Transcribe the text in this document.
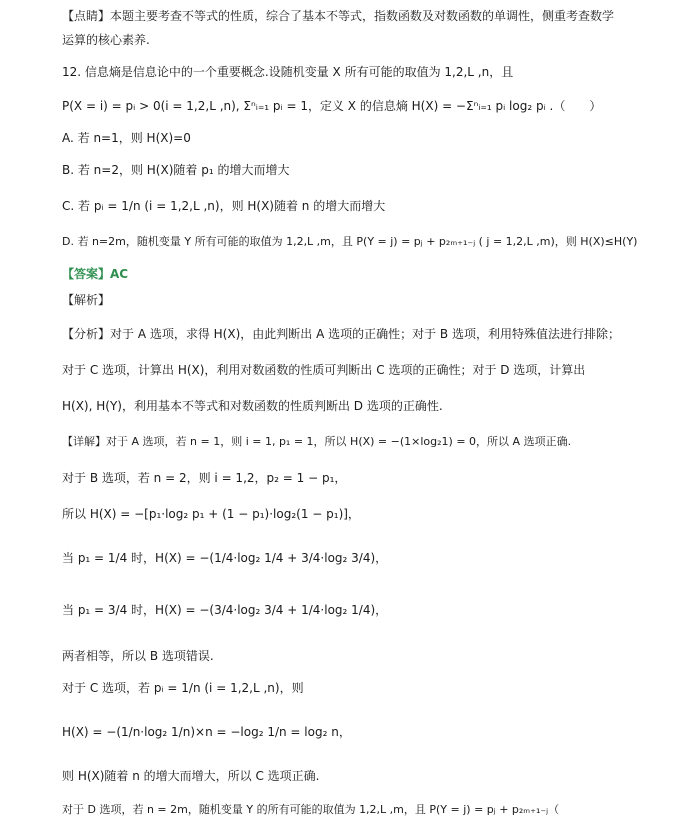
【点睛】本题主要考查不等式的性质，综合了基本不等式，指数函数及对数函数的单调性，侧重考查数学
运算的核心素养.
12. 信息熵是信息论中的一个重要概念.设随机变量 X 所有可能的取值为 1,2,L ,n，且
P(X = i) = pᵢ > 0(i = 1,2,L ,n), Σⁿᵢ₌₁ pᵢ = 1，定义 X 的信息熵 H(X) = −Σⁿᵢ₌₁ pᵢ log₂ pᵢ .（　　）
A. 若 n=1，则 H(X)=0
B. 若 n=2，则 H(X)随着 p₁ 的增大而增大
C. 若 pᵢ = 1/n (i = 1,2,L ,n)，则 H(X)随着 n 的增大而增大
D. 若 n=2m，随机变量 Y 所有可能的取值为 1,2,L ,m，且 P(Y = j) = pⱼ + p₂ₘ₊₁₋ⱼ ( j = 1,2,L ,m)，则 H(X)≤H(Y)
【答案】AC
【解析】
【分析】对于 A 选项，求得 H(X)，由此判断出 A 选项的正确性；对于 B 选项，利用特殊值法进行排除；
对于 C 选项，计算出 H(X)，利用对数函数的性质可判断出 C 选项的正确性；对于 D 选项，计算出
H(X), H(Y)，利用基本不等式和对数函数的性质判断出 D 选项的正确性.
【详解】对于 A 选项，若 n = 1，则 i = 1, p₁ = 1，所以 H(X) = −(1×log₂1) = 0，所以 A 选项正确.
对于 B 选项，若 n = 2，则 i = 1,2，p₂ = 1 − p₁，
所以 H(X) = −[p₁·log₂ p₁ + (1 − p₁)·log₂(1 − p₁)]，
当 p₁ = 1/4 时，H(X) = −(1/4·log₂ 1/4 + 3/4·log₂ 3/4)，
当 p₁ = 3/4 时，H(X) = −(3/4·log₂ 3/4 + 1/4·log₂ 1/4)，
两者相等，所以 B 选项错误.
对于 C 选项，若 pᵢ = 1/n (i = 1,2,L ,n)，则
H(X) = −(1/n·log₂ 1/n)×n = −log₂ 1/n = log₂ n，
则 H(X)随着 n 的增大而增大，所以 C 选项正确.
对于 D 选项，若 n = 2m，随机变量 Y 的所有可能的取值为 1,2,L ,m，且 P(Y = j) = pⱼ + p₂ₘ₊₁₋ⱼ（
